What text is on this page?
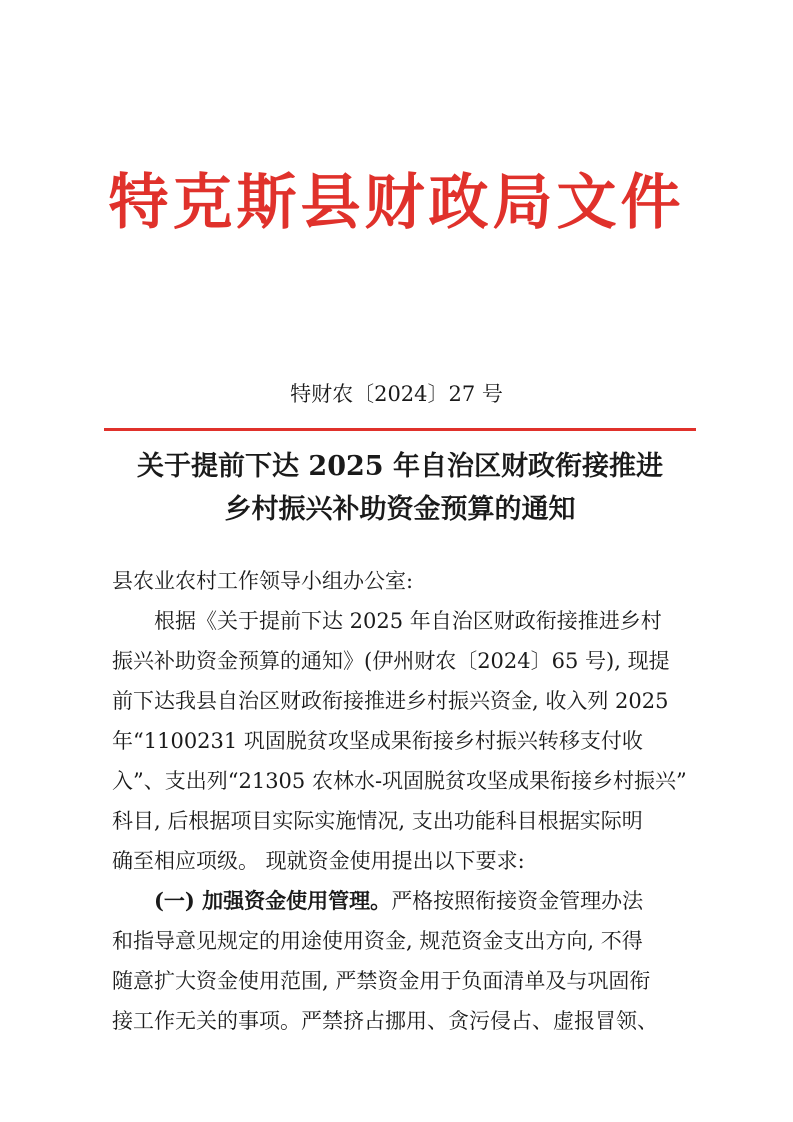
特克斯县财政局文件
特财农〔2024〕27 号
关于提前下达 2025 年自治区财政衔接推进
乡村振兴补助资金预算的通知
县农业农村工作领导小组办公室:
根据《关于提前下达 2025 年自治区财政衔接推进乡村
振兴补助资金预算的通知》(伊州财农〔2024〕65 号), 现提
前下达我县自治区财政衔接推进乡村振兴资金, 收入列 2025
年“1100231 巩固脱贫攻坚成果衔接乡村振兴转移支付收
入”、支出列“21305 农林水-巩固脱贫攻坚成果衔接乡村振兴”
科目, 后根据项目实际实施情况, 支出功能科目根据实际明
确至相应项级。 现就资金使用提出以下要求:
(一) 加强资金使用管理。严格按照衔接资金管理办法
和指导意见规定的用途使用资金, 规范资金支出方向, 不得
随意扩大资金使用范围, 严禁资金用于负面清单及与巩固衔
接工作无关的事项。严禁挤占挪用、贪污侵占、虚报冒领、
